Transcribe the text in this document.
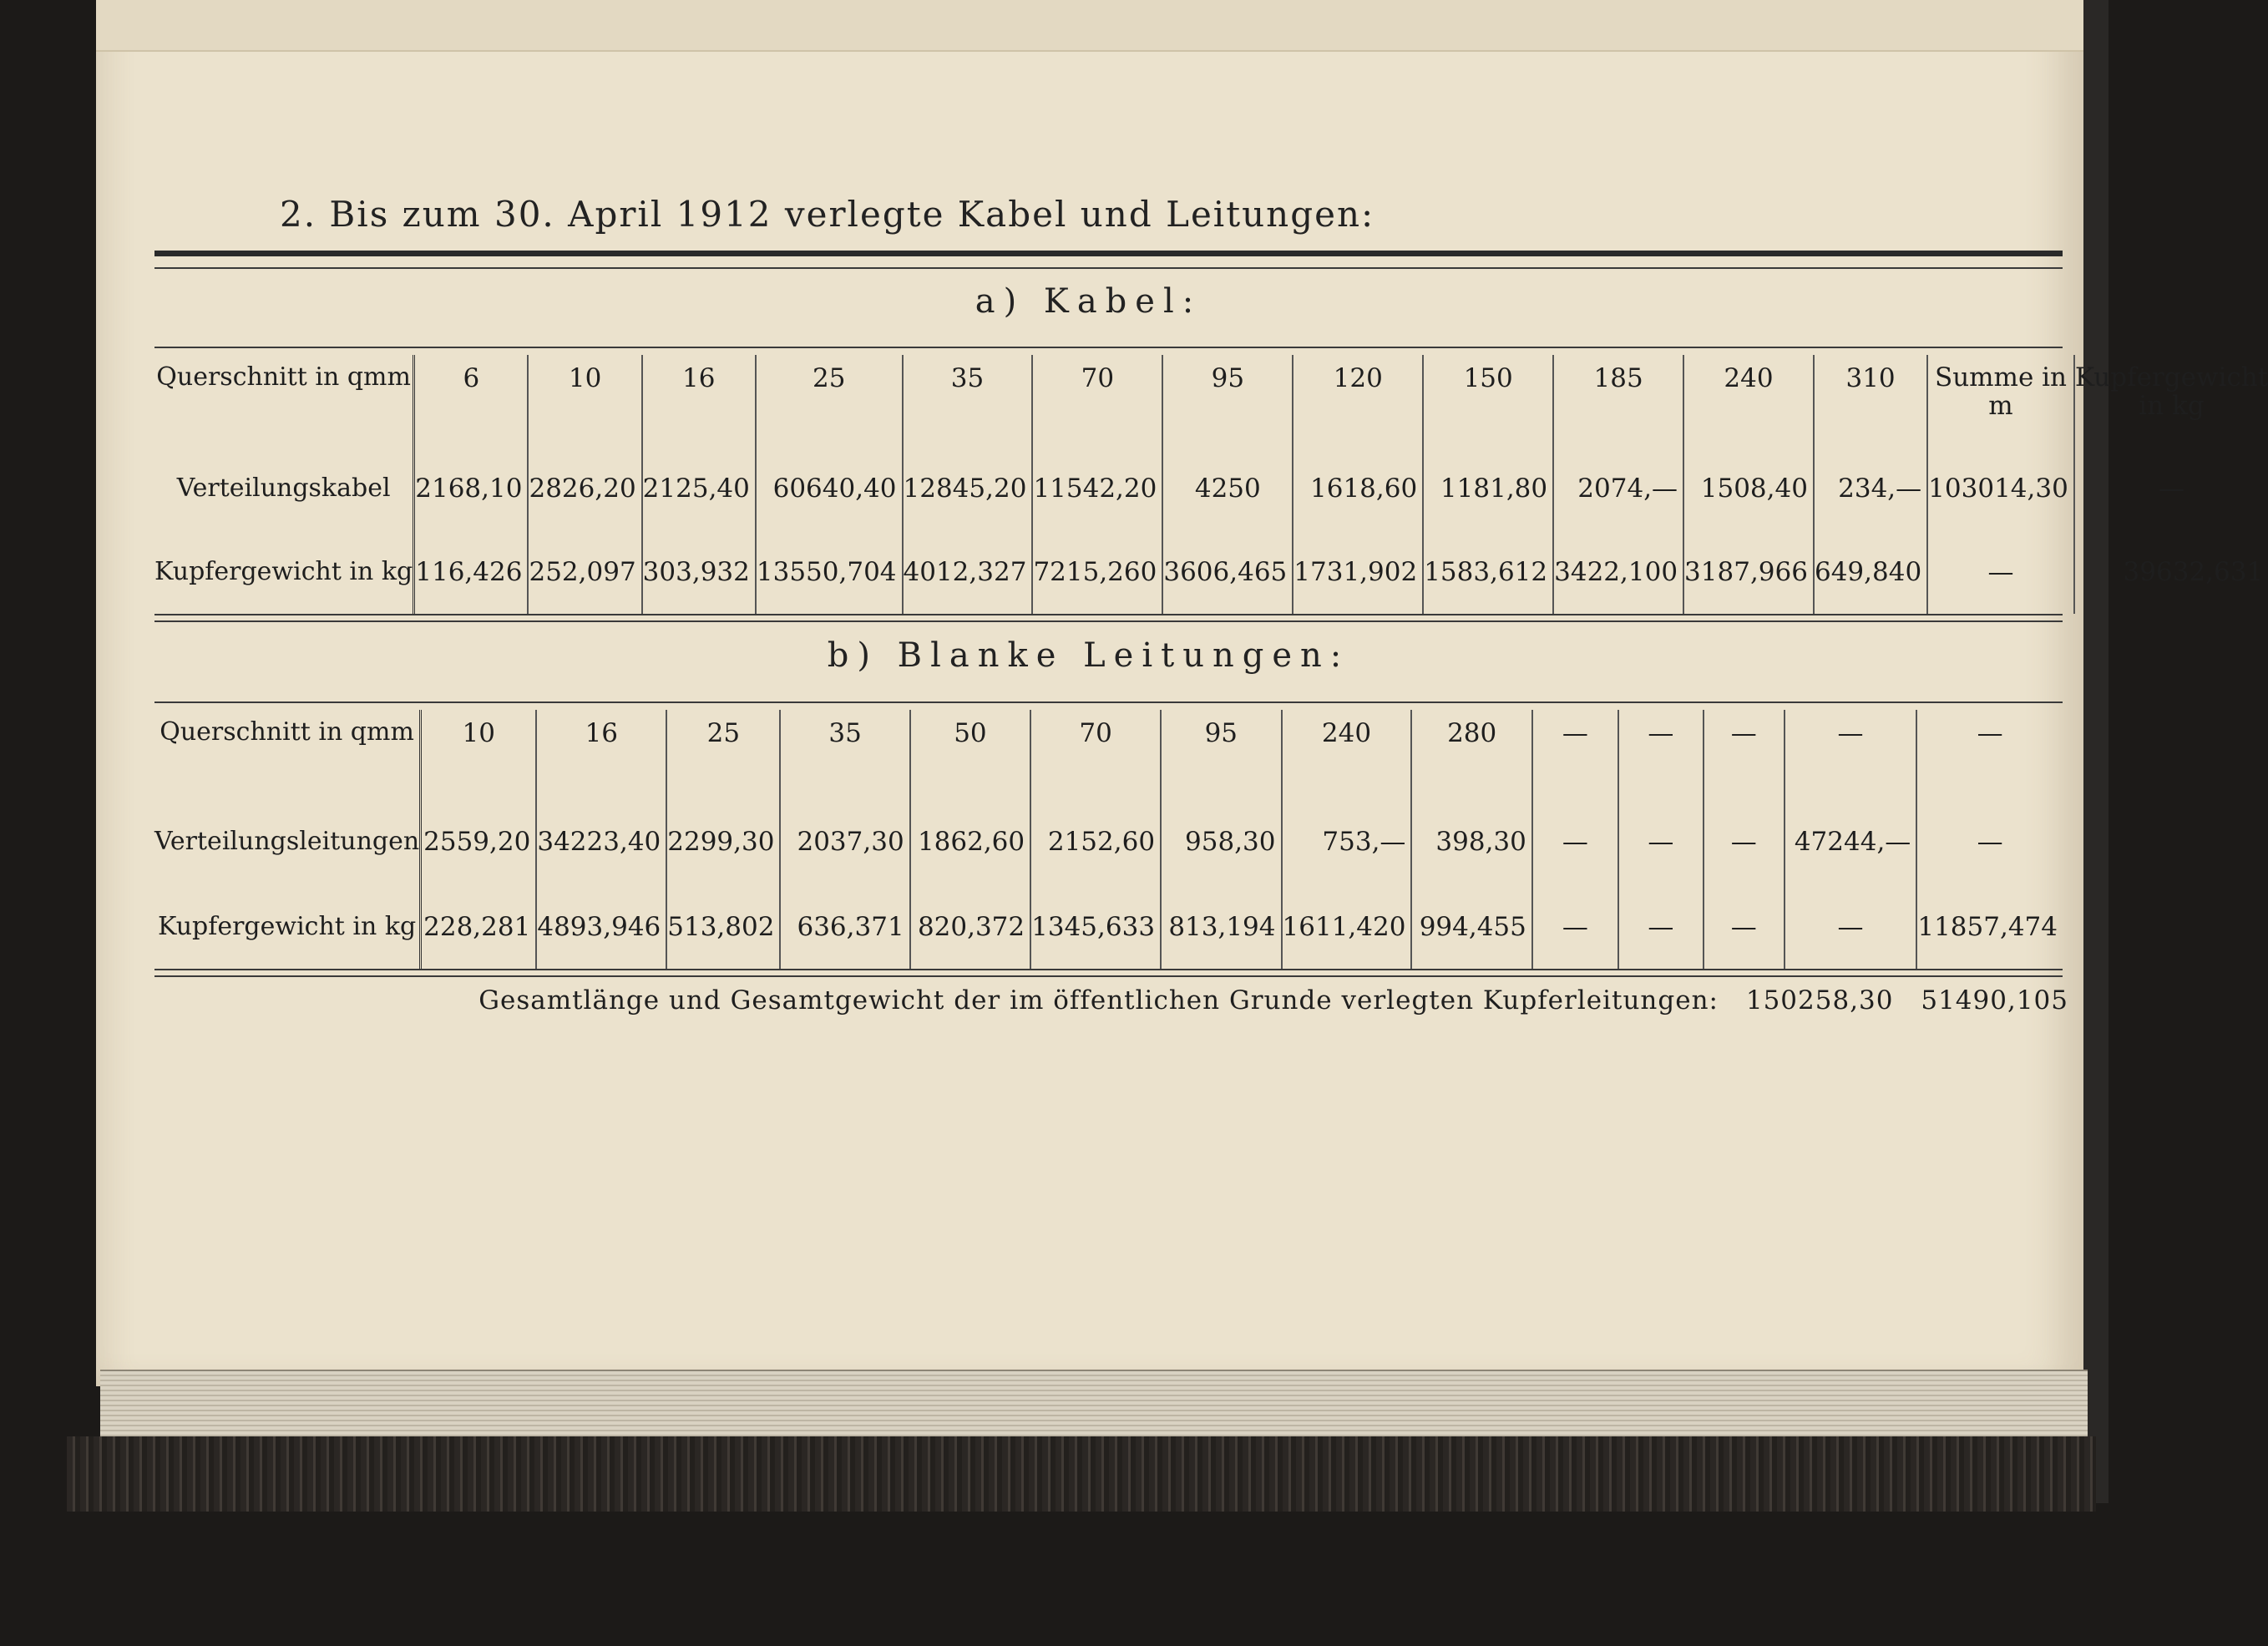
2. Bis zum 30. April 1912 verlegte Kabel und Leitungen:
a) Kabel:
Querschnitt in qmm	6	10	16	25	35	70	95	120	150	185	240	310	Summe in m	Kupfergewicht in kg
Verteilungskabel	2168,10	2826,20	2125,40	60640,40	12845,20	11542,20	4250	1618,60	1181,80	2074,—	1508,40	234,—	103014,30	—
Kupfergewicht in kg	116,426	252,097	303,932	13550,704	4012,327	7215,260	3606,465	1731,902	1583,612	3422,100	3187,966	649,840	—	39632,631
b) Blanke Leitungen:
Querschnitt in qmm	10	16	25	35	50	70	95	240	280	—	—	—	—	—
Verteilungsleitungen	2559,20	34223,40	2299,30	2037,30	1862,60	2152,60	958,30	753,—	398,30	—	—	—	47244,—	—
Kupfergewicht in kg	228,281	4893,946	513,802	636,371	820,372	1345,633	813,194	1611,420	994,455	—	—	—	—	11857,474
Gesamtlänge und Gesamtgewicht der im öffentlichen Grunde verlegten Kupferleitungen: 150258,30 51490,105
